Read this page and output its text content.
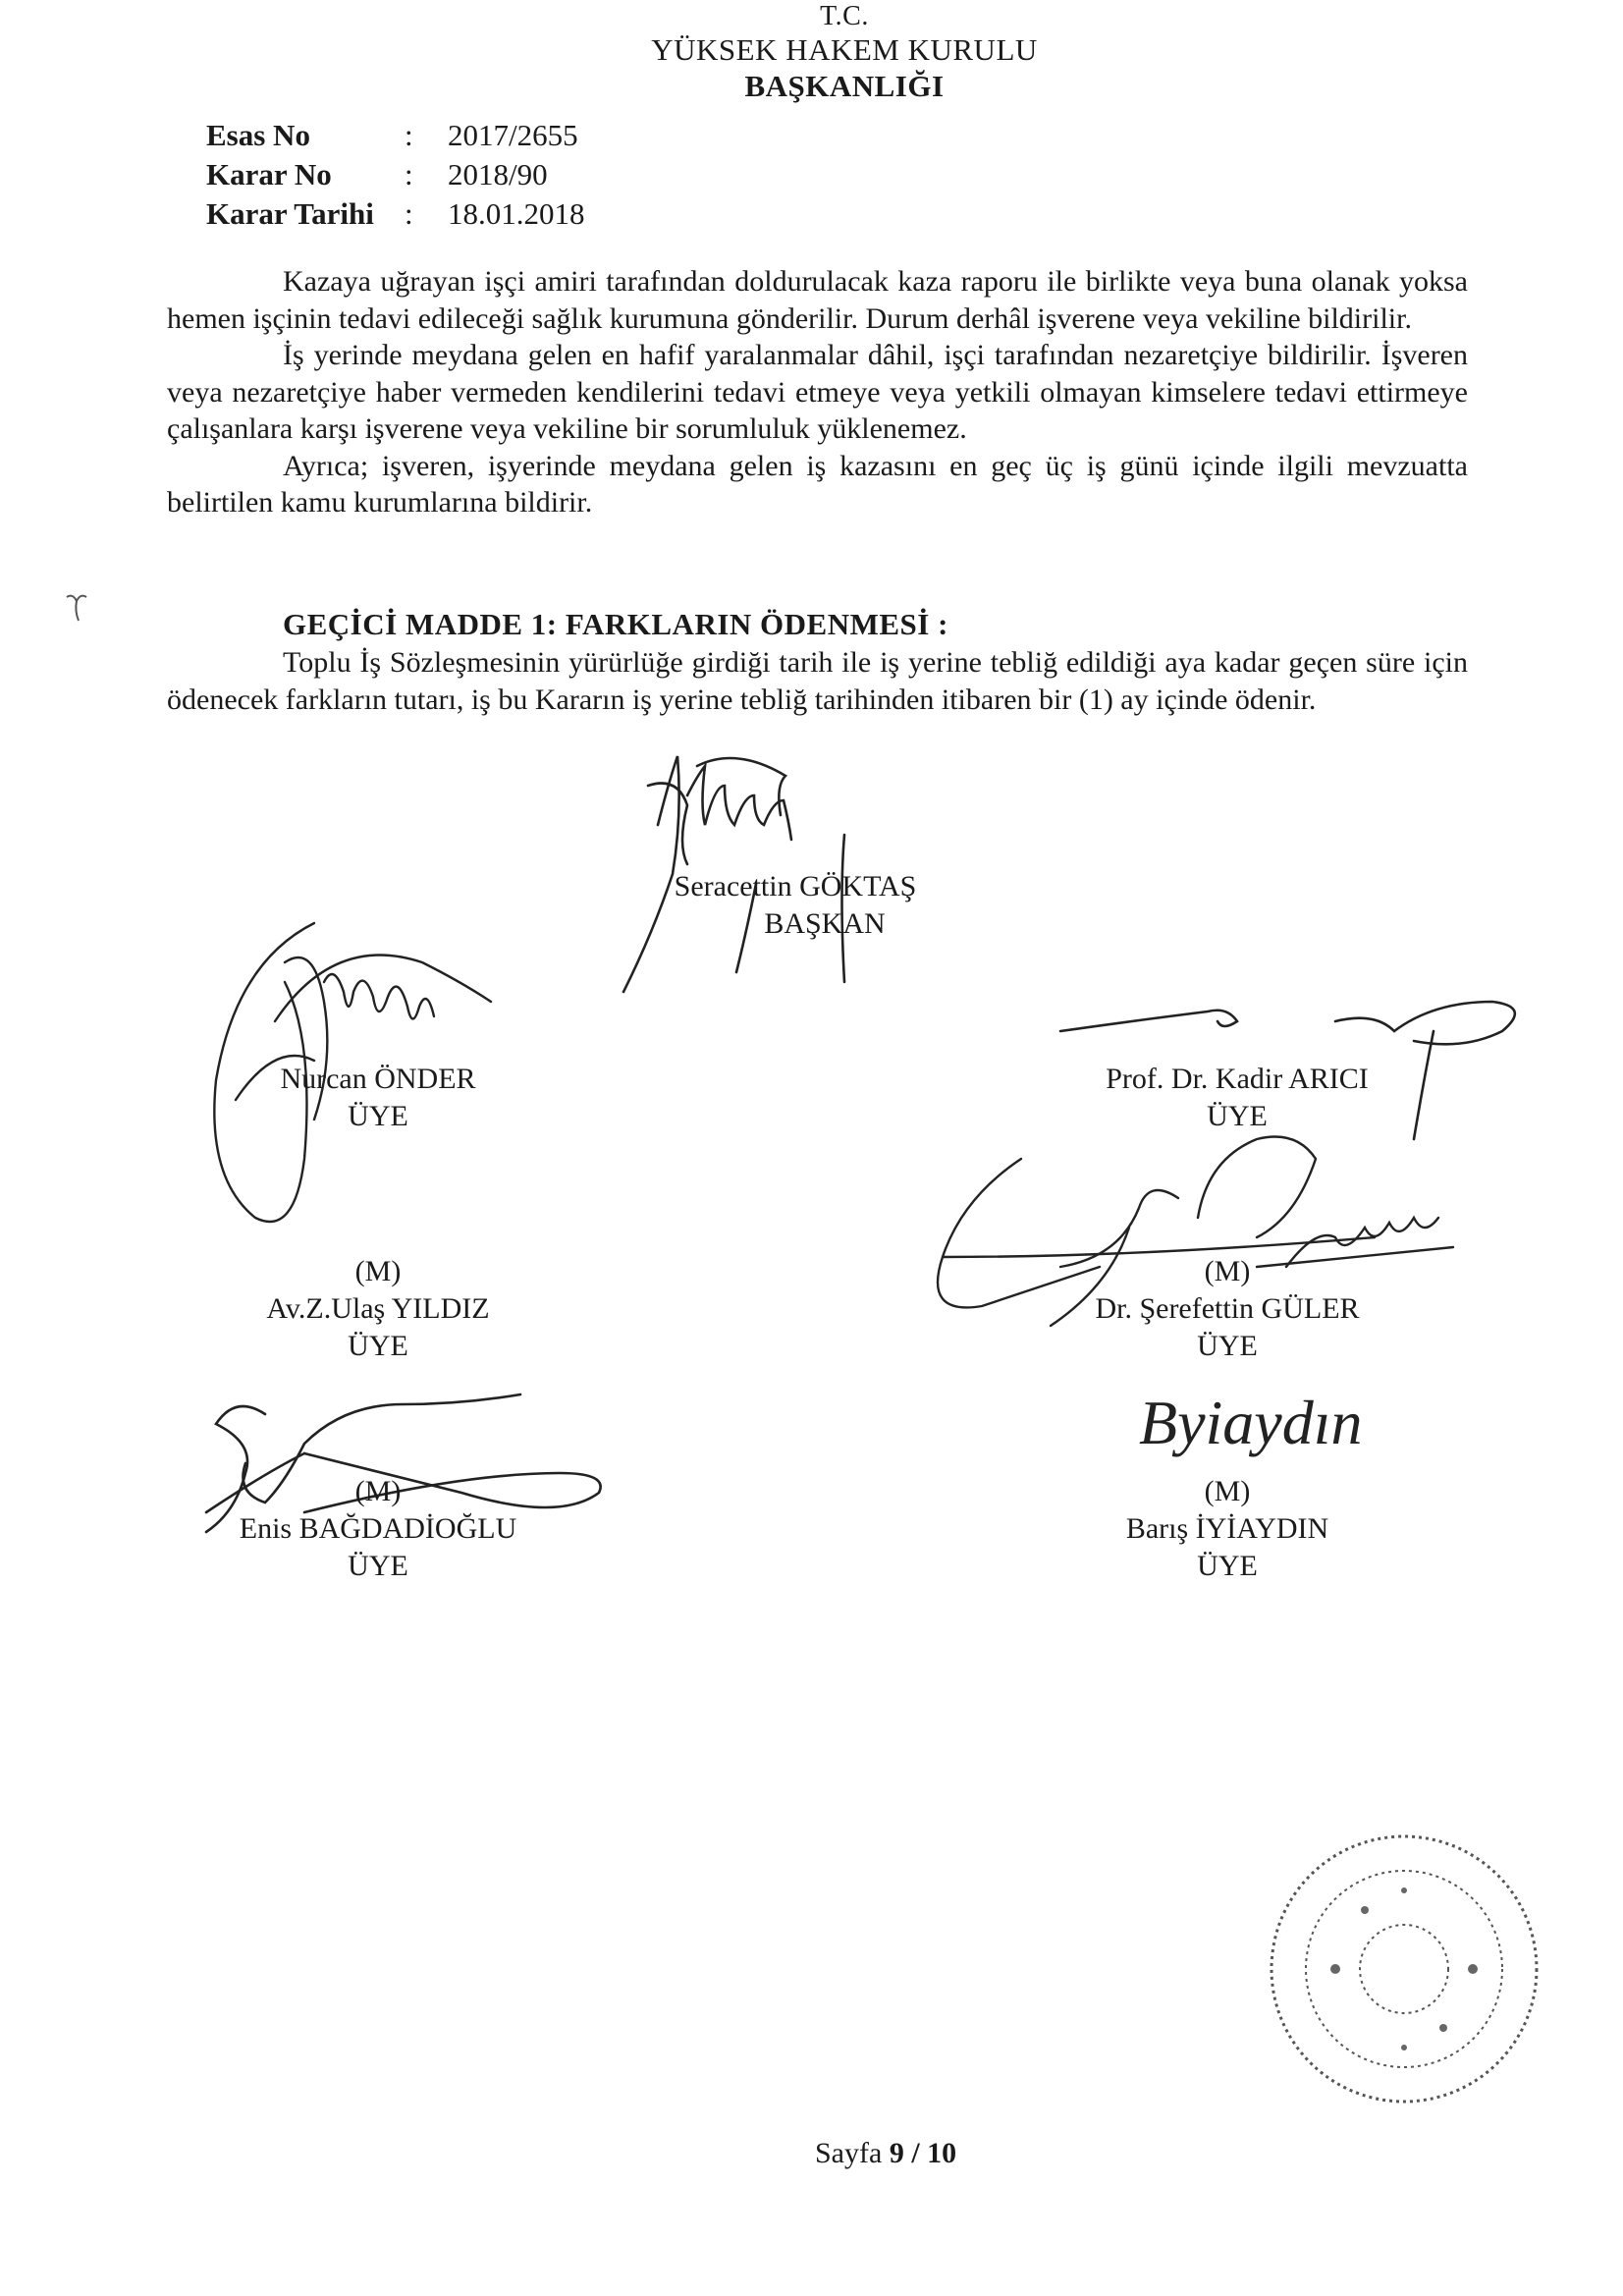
T.C.
YÜKSEK HAKEM KURULU
BAŞKANLIĞI
Esas No	: 2017/2655
Karar No : 2018/90
Karar Tarihi : 18.01.2018

Kazaya uğrayan işçi amiri tarafından doldurulacak kaza raporu ile birlikte veya buna olanak yoksa hemen işçinin tedavi edileceği sağlık kurumuna gönderilir. Durum derhâl işverene veya vekiline bildirilir.

İş yerinde meydana gelen en hafif yaralanmalar dâhil, işçi tarafından nezaretçiye bildirilir. İşveren veya nezaretçiye haber vermeden kendilerini tedavi etmeye veya yetkili olmayan kimselere tedavi ettirmeye çalışanlara karşı işverene veya vekiline bir sorumluluk yüklenemez.

Ayrıca; işveren, işyerinde meydana gelen iş kazasını en geç üç iş günü içinde ilgili mevzuatta belirtilen kamu kurumlarına bildirir.

GEÇİCİ MADDE 1: FARKLARIN ÖDENMESİ :

Toplu İş Sözleşmesinin yürürlüğe girdiği tarih ile iş yerine tebliğ edildiği aya kadar geçen süre için ödenecek farkların tutarı, iş bu Kararın iş yerine tebliğ tarihinden itibaren bir (1) ay içinde ödenir.

Seracettin GÖKTAŞ
BAŞKAN
Nurcan ÖNDER
ÜYE
Prof. Dr. Kadir ARICI
ÜYE
(M)
Av.Z.Ulaş YILDIZ
ÜYE
(M)
Dr. Şerefettin GÜLER
ÜYE
(M)
Enis BAĞDADİOĞLU
ÜYE
Byiaydın
(M)
Barış İYİAYDIN
ÜYE
Sayfa 9 / 10
